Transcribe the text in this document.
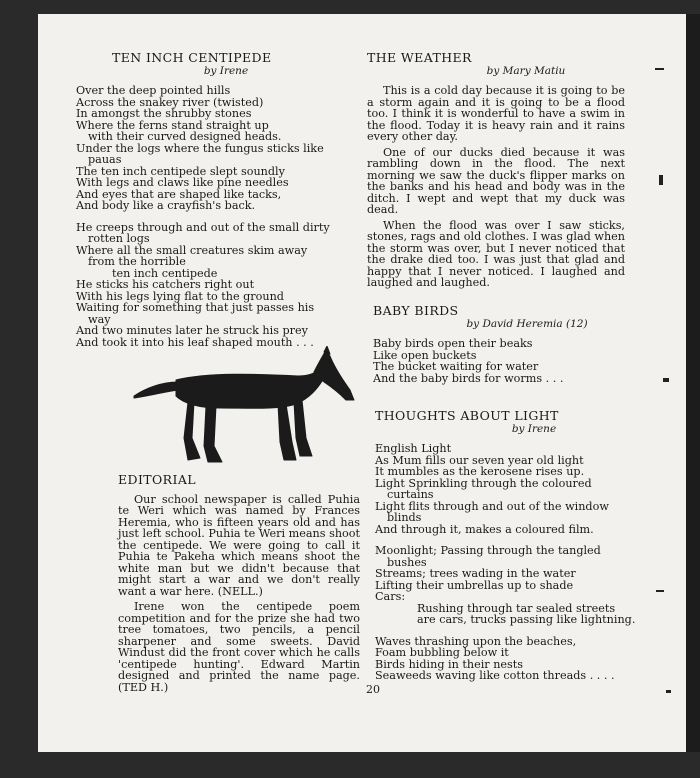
TEN INCH CENTIPEDE
by Irene
Over the deep pointed hills
Across the snakey river (twisted)
In amongst the shrubby stones
Where the ferns stand straight up
with their curved designed heads.
Under the logs where the fungus sticks like
pauas
The ten inch centipede slept soundly
With legs and claws like pine needles
And eyes that are shaped like tacks,
And body like a crayfish's back.
He creeps through and out of the small dirty
rotten logs
Where all the small creatures skim away
from the horrible
ten inch centipede
He sticks his catchers right out
With his legs lying flat to the ground
Waiting for something that just passes his
way
And two minutes later he struck his prey
And took it into his leaf shaped mouth . . .
EDITORIAL

Our school newspaper is called Puhia te Weri which was named by Frances Heremia, who is fifteen years old and has just left school. Puhia te Weri means shoot the centipede. We were going to call it Puhia te Pakeha which means shoot the white man but we didn't because that might start a war and we don't really want a war here. (NELL.)

Irene won the centipede poem competition and for the prize she had two tree tomatoes, two pencils, a pencil sharpener and some sweets. David Windust did the front cover which he calls 'centipede hunting'. Edward Martin designed and printed the name page. (TED H.)

THE WEATHER
by Mary Matiu

This is a cold day because it is going to be a storm again and it is going to be a flood too. I think it is wonderful to have a swim in the flood. Today it is heavy rain and it rains every other day.

One of our ducks died because it was rambling down in the flood. The next morning we saw the duck's flipper marks on the banks and his head and body was in the ditch. I wept and wept that my duck was dead.

When the flood was over I saw sticks, stones, rags and old clothes. I was glad when the storm was over, but I never noticed that the drake died too. I was just that glad and happy that I never noticed. I laughed and laughed and laughed.

BABY BIRDS
by David Heremia (12)
Baby birds open their beaks
Like open buckets
The bucket waiting for water
And the baby birds for worms . . .
THOUGHTS ABOUT LIGHT
by Irene
English Light
As Mum fills our seven year old light
It mumbles as the kerosene rises up.
Light Sprinkling through the coloured
curtains
Light flits through and out of the window
blinds
And through it, makes a coloured film.
Moonlight; Passing through the tangled
bushes
Streams; trees wading in the water
Lifting their umbrellas up to shade
Cars:
Rushing through tar sealed streets
are cars, trucks passing like lightning.
Waves thrashing upon the beaches,
Foam bubbling below it
Birds hiding in their nests
Seaweeds waving like cotton threads . . . .
20
